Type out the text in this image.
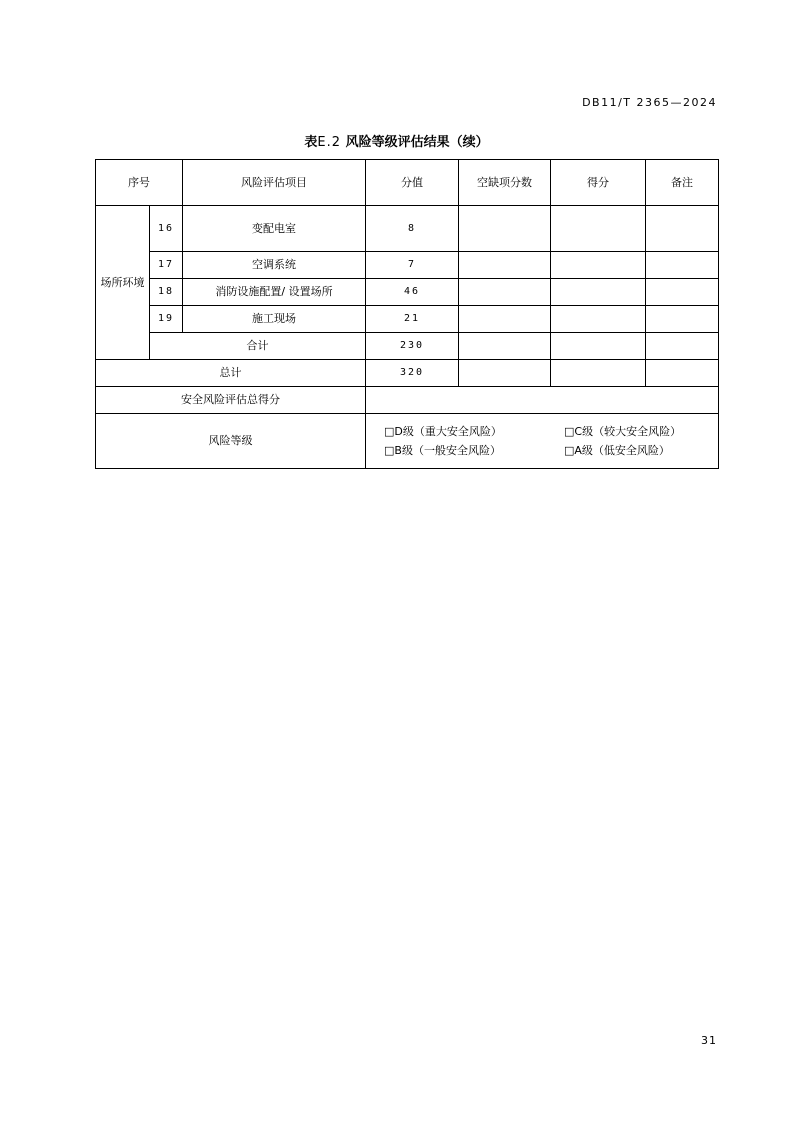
DB11/T 2365—2024
表E.2 风险等级评估结果（续）
序号		风险评估项目	分值	空缺项分数	得分	备注
场所环境	16	变配电室	8			
	17	空调系统	7			
	18	消防设施配置/ 设置场所	46			
	19	施工现场	21			
	合计		230			
总计			320			
安全风险评估总得分						
风险等级			□D级（重大安全风险） □C级（较大安全风险）
□B级（一般安全风险） □A级（低安全风险）			
31
